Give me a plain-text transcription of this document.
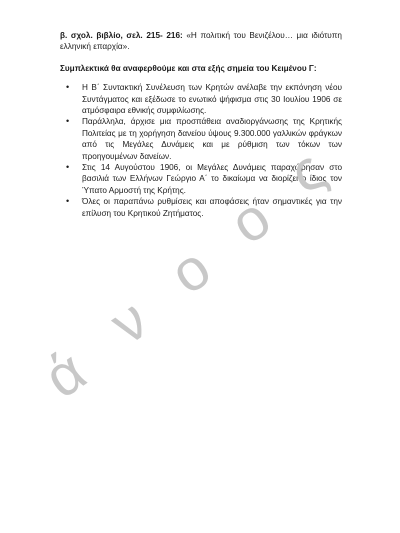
β. σχολ. βιβλίο, σελ. 215- 216: «Η πολιτική του Βενιζέλου… μια ιδιότυπη ελληνική επαρχία».

Συμπλεκτικά θα αναφερθούμε και στα εξής σημεία του Κειμένου Γ:

• Η Β΄ Συντακτική Συνέλευση των Κρητών ανέλαβε την εκπόνηση νέου Συντάγματος και εξέδωσε το ενωτικό ψήφισμα στις 30 Ιουλίου 1906 σε ατμόσφαιρα εθνικής συμφιλίωσης.
• Παράλληλα, άρχισε μια προσπάθεια αναδιοργάνωσης της Κρητικής Πολιτείας με τη χορήγηση δανείου ύψους 9.300.000 γαλλικών φράγκων από τις Μεγάλες Δυνάμεις και με ρύθμιση των τόκων των προηγουμένων δανείων.
• Στις 14 Αυγούστου 1906, οι Μεγάλες Δυνάμεις παραχώρησαν στο βασιλιά των Ελλήνων Γεώργιο Α΄ το δικαίωμα να διορίζει ο ίδιος τον Ύπατο Αρμοστή της Κρήτης.
• Όλες οι παραπάνω ρυθμίσεις και αποφάσεις ήταν σημαντικές για την επίλυση του Κρητικού Ζητήματος.
ά
ν
ο
ο
ς
